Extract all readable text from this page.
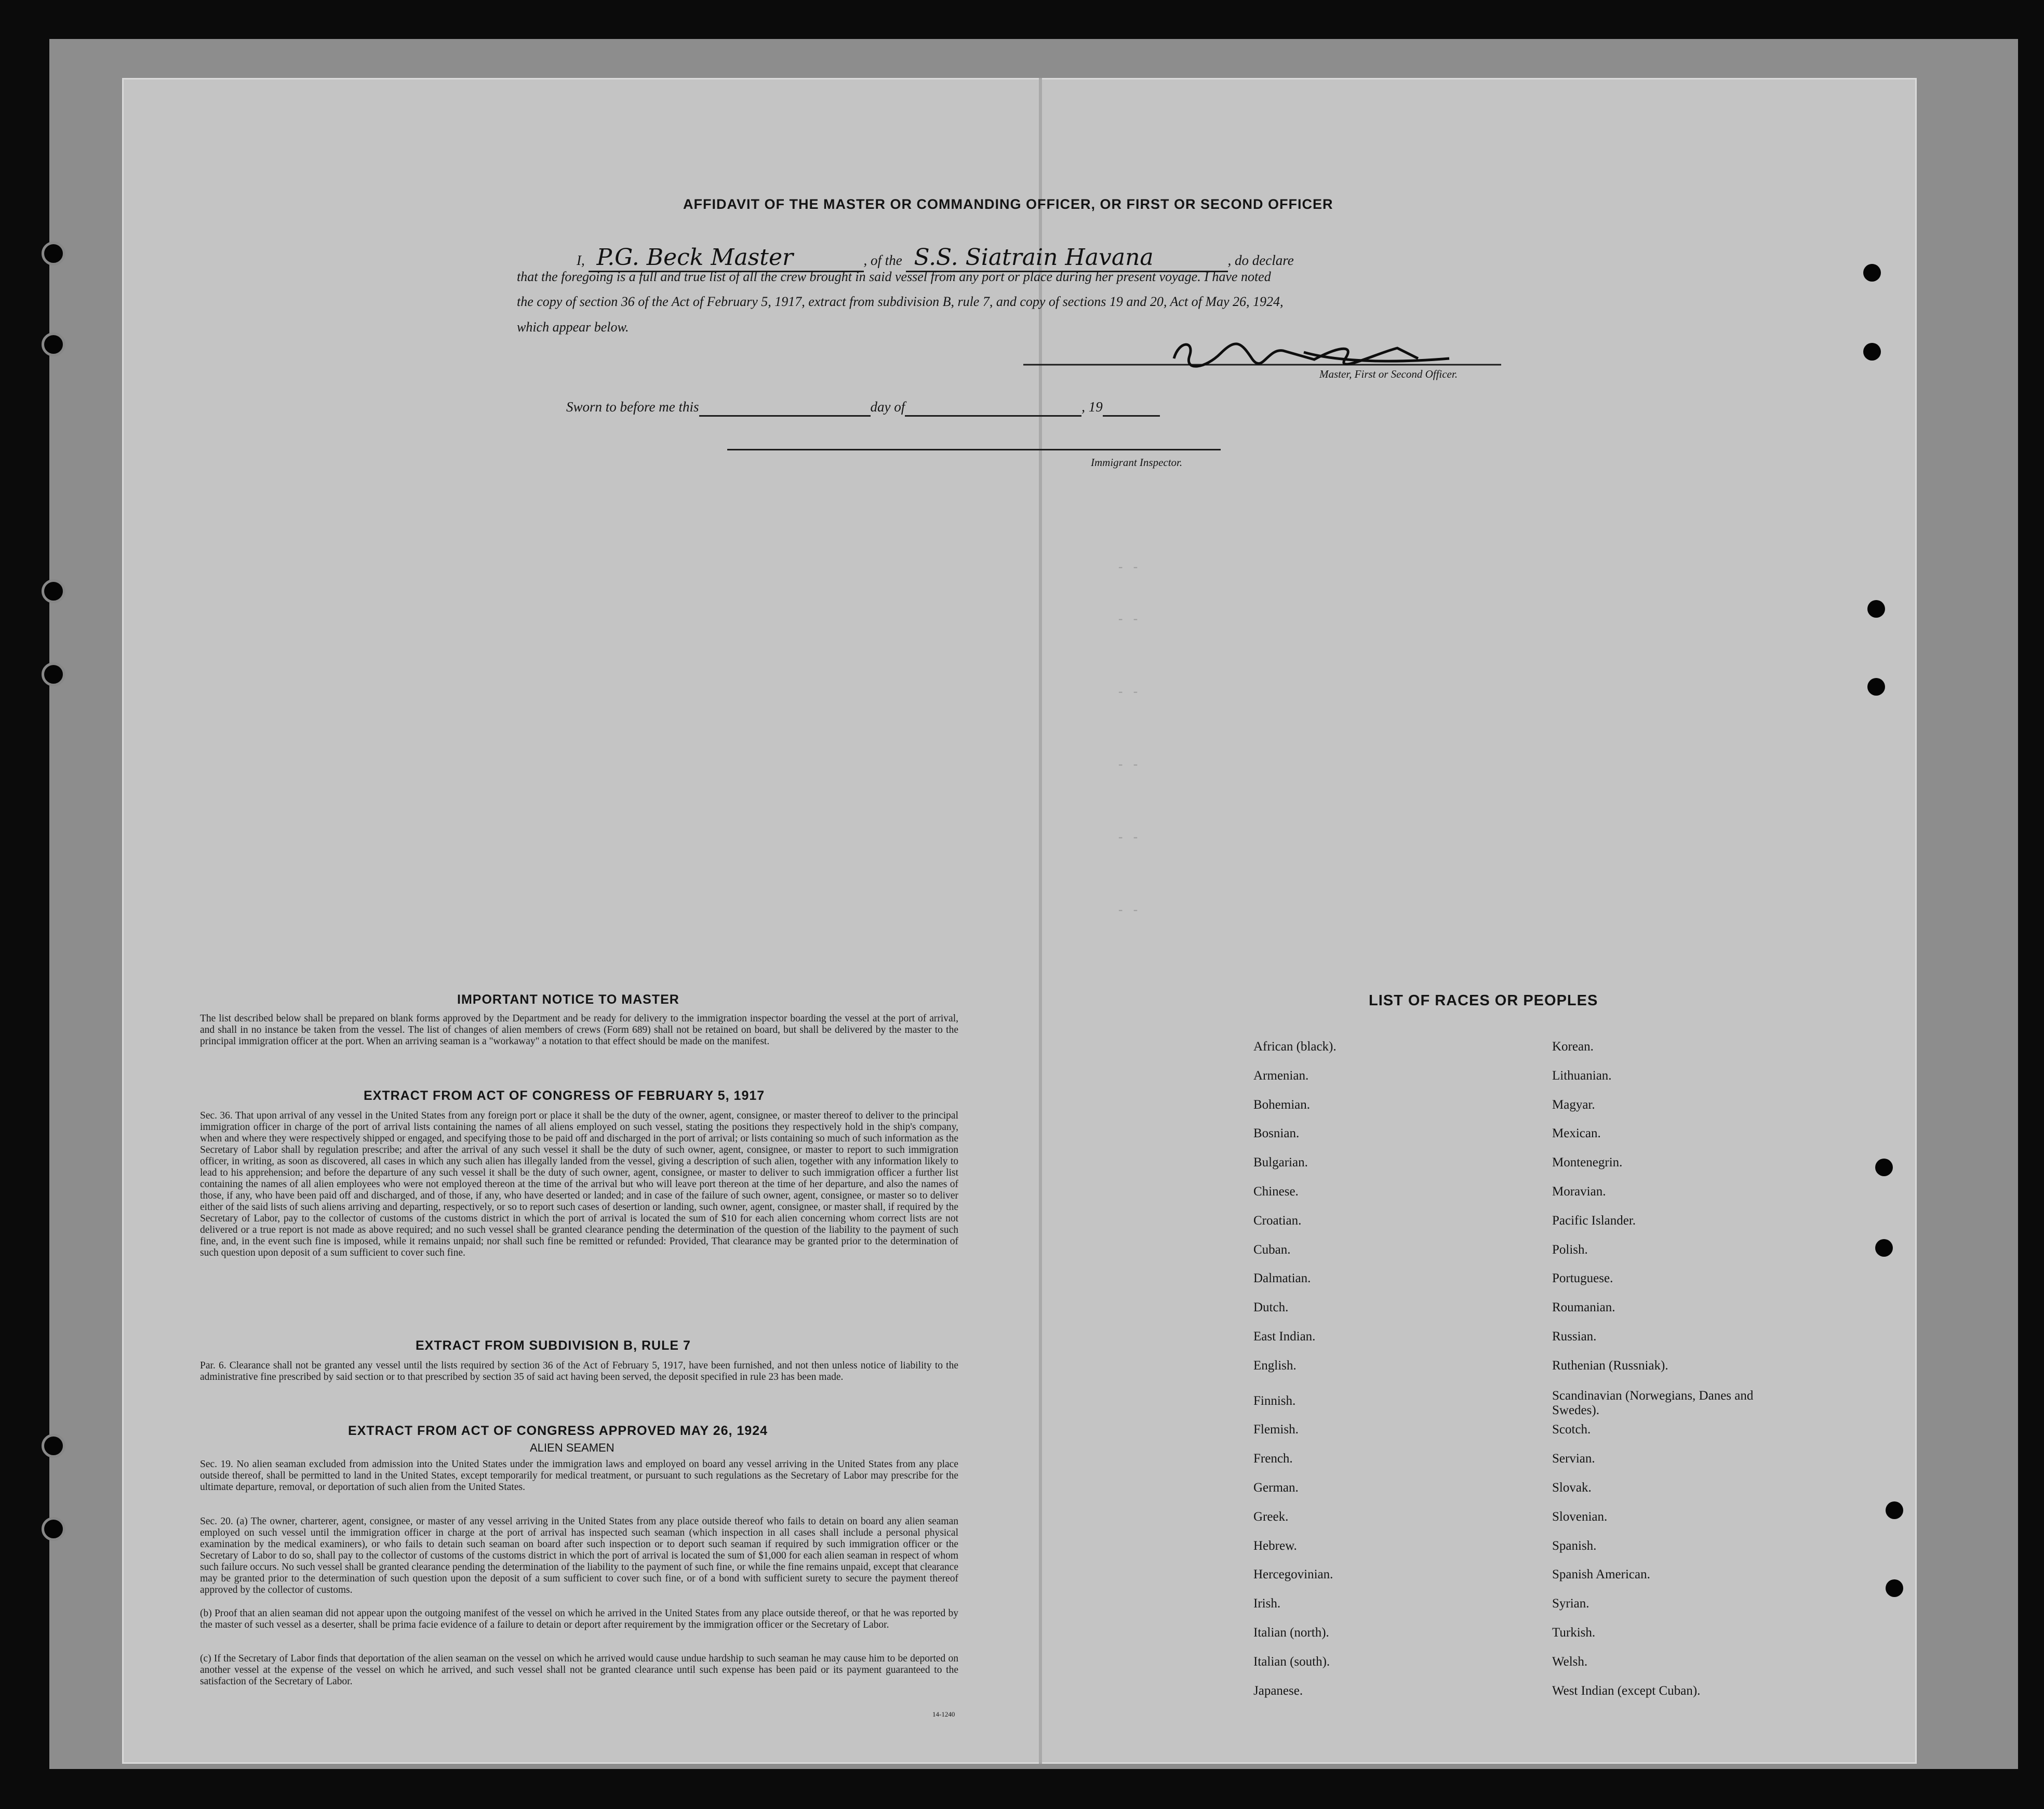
- -
- -
- -
- -
- -
- -
AFFIDAVIT OF THE MASTER OR COMMANDING OFFICER, OR FIRST OR SECOND OFFICER
I, P.G. Beck Master	, of the S.S. Siatrain Havana	, do declare
that the foregoing is a full and true list of all the crew brought in said vessel from any port or place during her present voyage. I have noted
the copy of section 36 of the Act of February 5, 1917, extract from subdivision B, rule 7, and copy of sections 19 and 20, Act of May 26, 1924,
which appear below.
Master, First or Second Officer.
Sworn to before me this	day of	, 19
Immigrant Inspector.
IMPORTANT NOTICE TO MASTER
The list described below shall be prepared on blank forms approved by the Department and be ready for delivery to the immigration inspector boarding the vessel at the port of arrival, and shall in no instance be taken from the vessel. The list of changes of alien members of crews (Form 689) shall not be retained on board, but shall be delivered by the master to the principal immigration officer at the port. When an arriving seaman is a "workaway" a notation to that effect should be made on the manifest.
EXTRACT FROM ACT OF CONGRESS OF FEBRUARY 5, 1917
Sec. 36. That upon arrival of any vessel in the United States from any foreign port or place it shall be the duty of the owner, agent, consignee, or master thereof to deliver to the principal immigration officer in charge of the port of arrival lists containing the names of all aliens employed on such vessel, stating the positions they respectively hold in the ship's company, when and where they were respectively shipped or engaged, and specifying those to be paid off and discharged in the port of arrival; or lists containing so much of such information as the Secretary of Labor shall by regulation prescribe; and after the arrival of any such vessel it shall be the duty of such owner, agent, consignee, or master to report to such immigration officer, in writing, as soon as discovered, all cases in which any such alien has illegally landed from the vessel, giving a description of such alien, together with any information likely to lead to his apprehension; and before the departure of any such vessel it shall be the duty of such owner, agent, consignee, or master to deliver to such immigration officer a further list containing the names of all alien employees who were not employed thereon at the time of the arrival but who will leave port thereon at the time of her departure, and also the names of those, if any, who have been paid off and discharged, and of those, if any, who have deserted or landed; and in case of the failure of such owner, agent, consignee, or master so to deliver either of the said lists of such aliens arriving and departing, respectively, or so to report such cases of desertion or landing, such owner, agent, consignee, or master shall, if required by the Secretary of Labor, pay to the collector of customs of the customs district in which the port of arrival is located the sum of $10 for each alien concerning whom correct lists are not delivered or a true report is not made as above required; and no such vessel shall be granted clearance pending the determination of the question of the liability to the payment of such fine, and, in the event such fine is imposed, while it remains unpaid; nor shall such fine be remitted or refunded: Provided, That clearance may be granted prior to the determination of such question upon deposit of a sum sufficient to cover such fine.
EXTRACT FROM SUBDIVISION B, RULE 7
Par. 6. Clearance shall not be granted any vessel until the lists required by section 36 of the Act of February 5, 1917, have been furnished, and not then unless notice of liability to the administrative fine prescribed by said section or to that prescribed by section 35 of said act having been served, the deposit specified in rule 23 has been made.
EXTRACT FROM ACT OF CONGRESS APPROVED MAY 26, 1924
ALIEN SEAMEN
Sec. 19. No alien seaman excluded from admission into the United States under the immigration laws and employed on board any vessel arriving in the United States from any place outside thereof, shall be permitted to land in the United States, except temporarily for medical treatment, or pursuant to such regulations as the Secretary of Labor may prescribe for the ultimate departure, removal, or deportation of such alien from the United States.
Sec. 20. (a) The owner, charterer, agent, consignee, or master of any vessel arriving in the United States from any place outside thereof who fails to detain on board any alien seaman employed on such vessel until the immigration officer in charge at the port of arrival has inspected such seaman (which inspection in all cases shall include a personal physical examination by the medical examiners), or who fails to detain such seaman on board after such inspection or to deport such seaman if required by such immigration officer or the Secretary of Labor to do so, shall pay to the collector of customs of the customs district in which the port of arrival is located the sum of $1,000 for each alien seaman in respect of whom such failure occurs. No such vessel shall be granted clearance pending the determination of the liability to the payment of such fine, or while the fine remains unpaid, except that clearance may be granted prior to the determination of such question upon the deposit of a sum sufficient to cover such fine, or of a bond with sufficient surety to secure the payment thereof approved by the collector of customs.
(b) Proof that an alien seaman did not appear upon the outgoing manifest of the vessel on which he arrived in the United States from any place outside thereof, or that he was reported by the master of such vessel as a deserter, shall be prima facie evidence of a failure to detain or deport after requirement by the immigration officer or the Secretary of Labor.
(c) If the Secretary of Labor finds that deportation of the alien seaman on the vessel on which he arrived would cause undue hardship to such seaman he may cause him to be deported on another vessel at the expense of the vessel on which he arrived, and such vessel shall not be granted clearance until such expense has been paid or its payment guaranteed to the satisfaction of the Secretary of Labor.
14-1240
LIST OF RACES OR PEOPLES
African (black).
Armenian.
Bohemian.
Bosnian.
Bulgarian.
Chinese.
Croatian.
Cuban.
Dalmatian.
Dutch.
East Indian.
English.
Finnish.
Flemish.
French.
German.
Greek.
Hebrew.
Hercegovinian.
Irish.
Italian (north).
Italian (south).
Japanese.
Korean.
Lithuanian.
Magyar.
Mexican.
Montenegrin.
Moravian.
Pacific Islander.
Polish.
Portuguese.
Roumanian.
Russian.
Ruthenian (Russniak).
Scandinavian (Norwegians, Danes and Swedes).
Scotch.
Servian.
Slovak.
Slovenian.
Spanish.
Spanish American.
Syrian.
Turkish.
Welsh.
West Indian (except Cuban).
